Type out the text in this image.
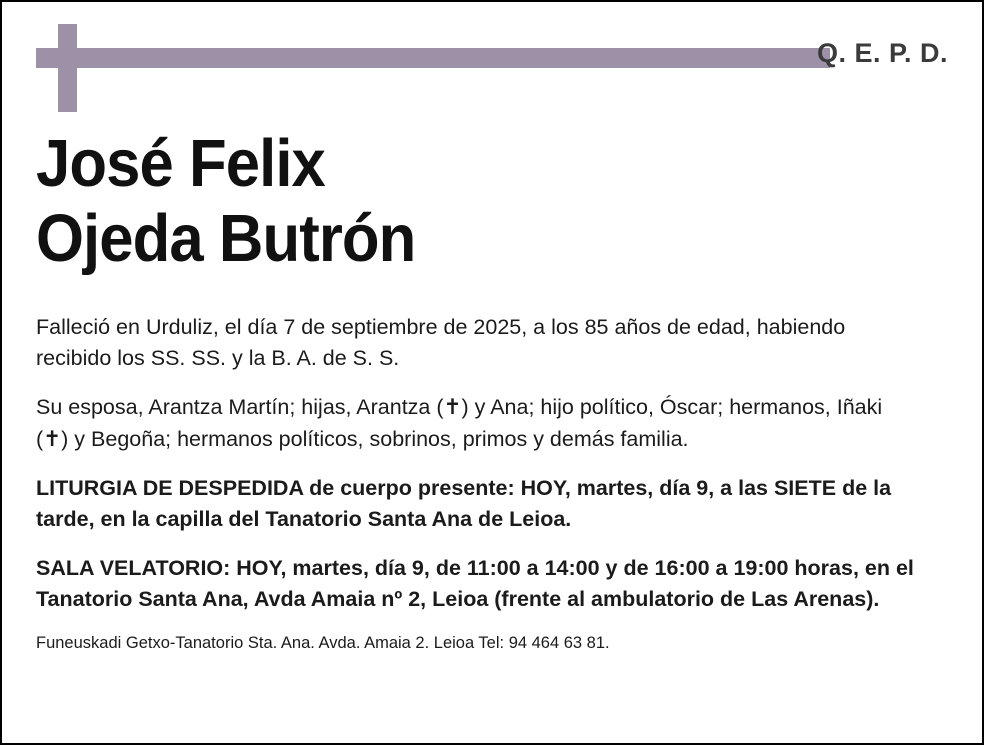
Q. E. P. D.
José Felix
Ojeda Butrón

Falleció en Urduliz, el día 7 de septiembre de 2025, a los 85 años de edad, habiendo recibido los SS. SS. y la B. A. de S. S.

Su esposa, Arantza Martín; hijas, Arantza (✝) y Ana; hijo político, Óscar; hermanos, Iñaki (✝) y Begoña; hermanos políticos, sobrinos, primos y demás familia.

LITURGIA DE DESPEDIDA de cuerpo presente: HOY, martes, día 9, a las SIETE de la tarde, en la capilla del Tanatorio Santa Ana de Leioa.

SALA VELATORIO: HOY, martes, día 9, de 11:00 a 14:00 y de 16:00 a 19:00 horas, en el Tanatorio Santa Ana, Avda Amaia nº 2, Leioa (frente al ambulatorio de Las Arenas).

Funeuskadi Getxo-Tanatorio Sta. Ana. Avda. Amaia 2. Leioa Tel: 94 464 63 81.
